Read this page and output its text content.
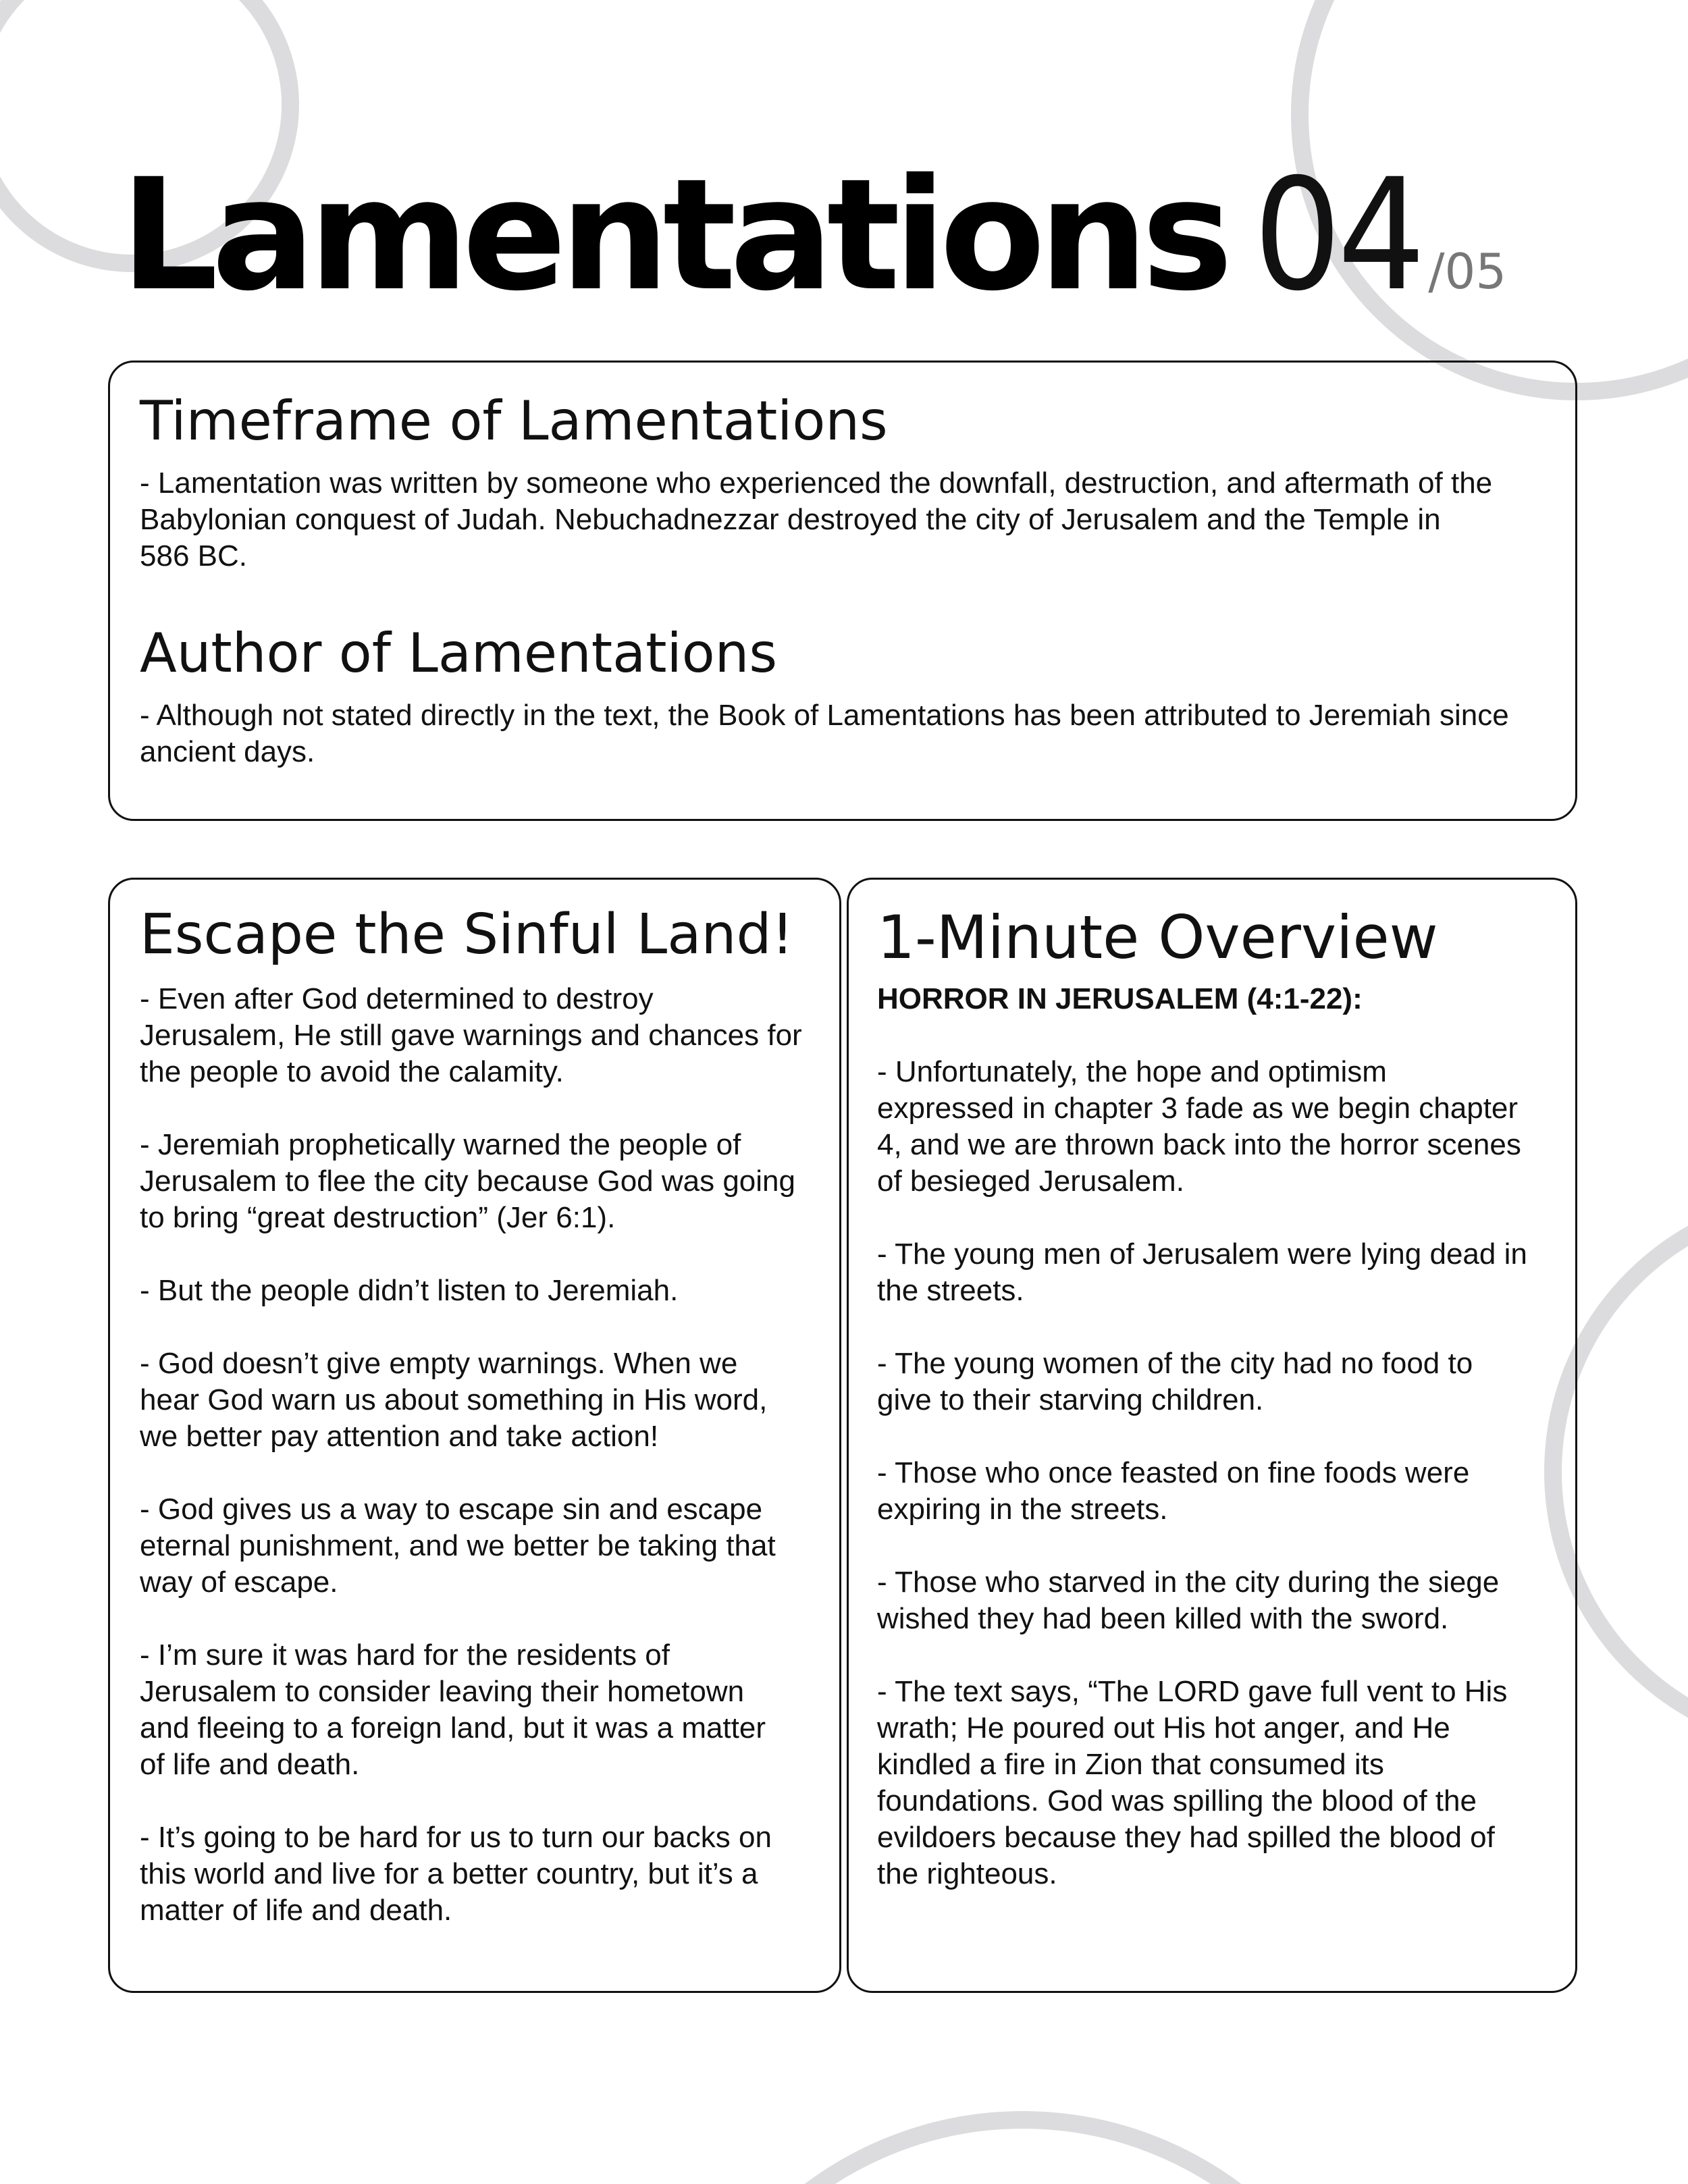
Lamentations 04 /05
Timeframe of Lamentations

- Lamentation was written by someone who experienced the downfall, destruction, and aftermath of the
Babylonian conquest of Judah. Nebuchadnezzar destroyed the city of Jerusalem and the Temple in
586 BC.

Author of Lamentations

- Although not stated directly in the text, the Book of Lamentations has been attributed to Jeremiah since
ancient days.

Escape the Sinful Land!

- Even after God determined to destroy
Jerusalem, He still gave warnings and chances for
the people to avoid the calamity.

- Jeremiah prophetically warned the people of
Jerusalem to flee the city because God was going
to bring “great destruction” (Jer 6:1).

- But the people didn’t listen to Jeremiah.

- God doesn’t give empty warnings. When we
hear God warn us about something in His word,
we better pay attention and take action!

- God gives us a way to escape sin and escape
eternal punishment, and we better be taking that
way of escape.

- I’m sure it was hard for the residents of
Jerusalem to consider leaving their hometown
and fleeing to a foreign land, but it was a matter
of life and death.

- It’s going to be hard for us to turn our backs on
this world and live for a better country, but it’s a
matter of life and death.

1-Minute Overview

HORROR IN JERUSALEM (4:1-22):

- Unfortunately, the hope and optimism
expressed in chapter 3 fade as we begin chapter
4, and we are thrown back into the horror scenes
of besieged Jerusalem.

- The young men of Jerusalem were lying dead in
the streets.

- The young women of the city had no food to
give to their starving children.

- Those who once feasted on fine foods were
expiring in the streets.

- Those who starved in the city during the siege
wished they had been killed with the sword.

- The text says, “The LORD gave full vent to His
wrath; He poured out His hot anger, and He
kindled a fire in Zion that consumed its
foundations. God was spilling the blood of the
evildoers because they had spilled the blood of
the righteous.
